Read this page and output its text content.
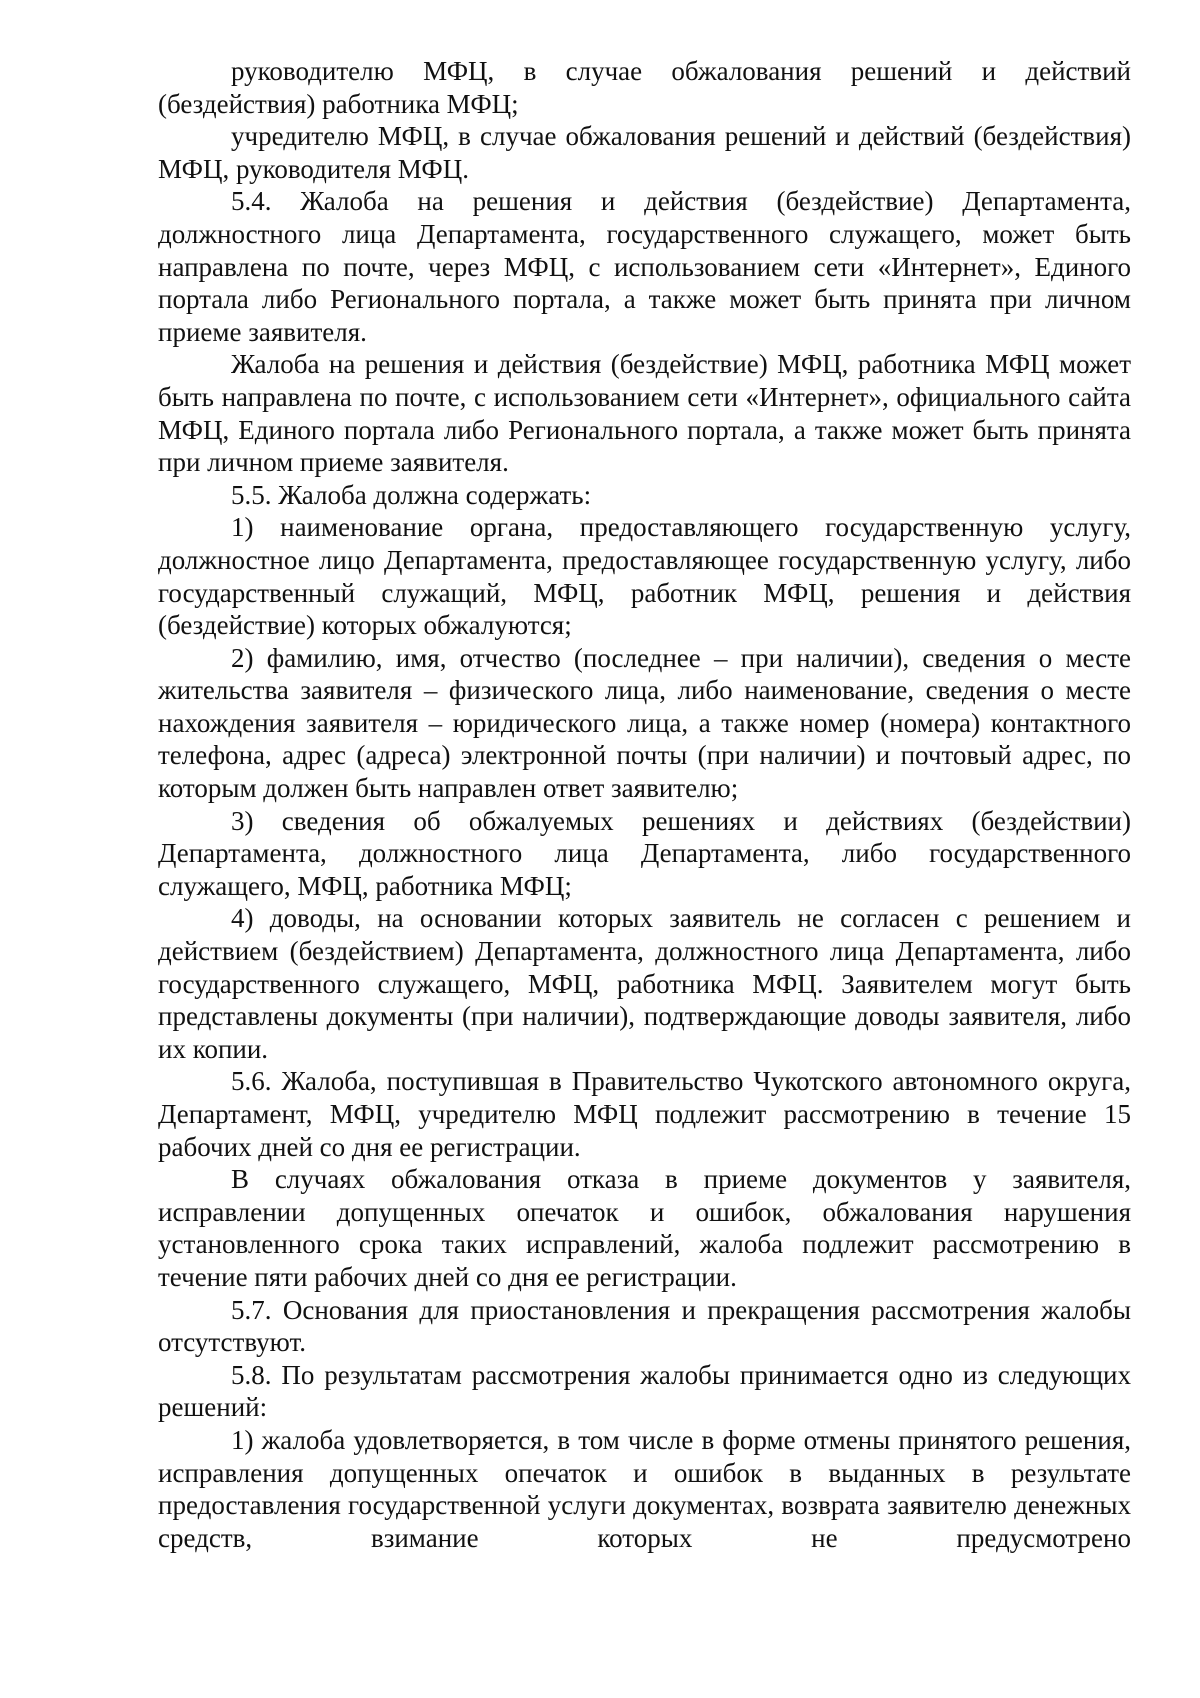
руководителю МФЦ, в случае обжалования решений и действий (бездействия) работника МФЦ;

учредителю МФЦ, в случае обжалования решений и действий (бездействия) МФЦ, руководителя МФЦ.

5.4. Жалоба на решения и действия (бездействие) Департамента, должностного лица Департамента, государственного служащего, может быть направлена по почте, через МФЦ, с использованием сети «Интернет», Единого портала либо Регионального портала, а также может быть принята при личном приеме заявителя.

Жалоба на решения и действия (бездействие) МФЦ, работника МФЦ может быть направлена по почте, с использованием сети «Интернет», официального сайта МФЦ, Единого портала либо Регионального портала, а также может быть принята при личном приеме заявителя.

5.5. Жалоба должна содержать:

1) наименование органа, предоставляющего государственную услугу, должностное лицо Департамента, предоставляющее государственную услугу, либо государственный служащий, МФЦ, работник МФЦ, решения и действия (бездействие) которых обжалуются;

2) фамилию, имя, отчество (последнее – при наличии), сведения о месте жительства заявителя – физического лица, либо наименование, сведения о месте нахождения заявителя – юридического лица, а также номер (номера) контактного телефона, адрес (адреса) электронной почты (при наличии) и почтовый адрес, по которым должен быть направлен ответ заявителю;

3) сведения об обжалуемых решениях и действиях (бездействии) Департамента, должностного лица Департамента, либо государственного служащего, МФЦ, работника МФЦ;

4) доводы, на основании которых заявитель не согласен с решением и действием (бездействием) Департамента, должностного лица Департамента, либо государственного служащего, МФЦ, работника МФЦ. Заявителем могут быть представлены документы (при наличии), подтверждающие доводы заявителя, либо их копии.

5.6. Жалоба, поступившая в Правительство Чукотского автономного округа, Департамент, МФЦ, учредителю МФЦ подлежит рассмотрению в течение 15 рабочих дней со дня ее регистрации.

В случаях обжалования отказа в приеме документов у заявителя, исправлении допущенных опечаток и ошибок, обжалования нарушения установленного срока таких исправлений, жалоба подлежит рассмотрению в течение пяти рабочих дней со дня ее регистрации.

5.7. Основания для приостановления и прекращения рассмотрения жалобы отсутствуют.

5.8. По результатам рассмотрения жалобы принимается одно из следующих решений:

1) жалоба удовлетворяется, в том числе в форме отмены принятого решения, исправления допущенных опечаток и ошибок в выданных в результате предоставления государственной услуги документах, возврата заявителю денежных средств, взимание которых не предусмотрено
